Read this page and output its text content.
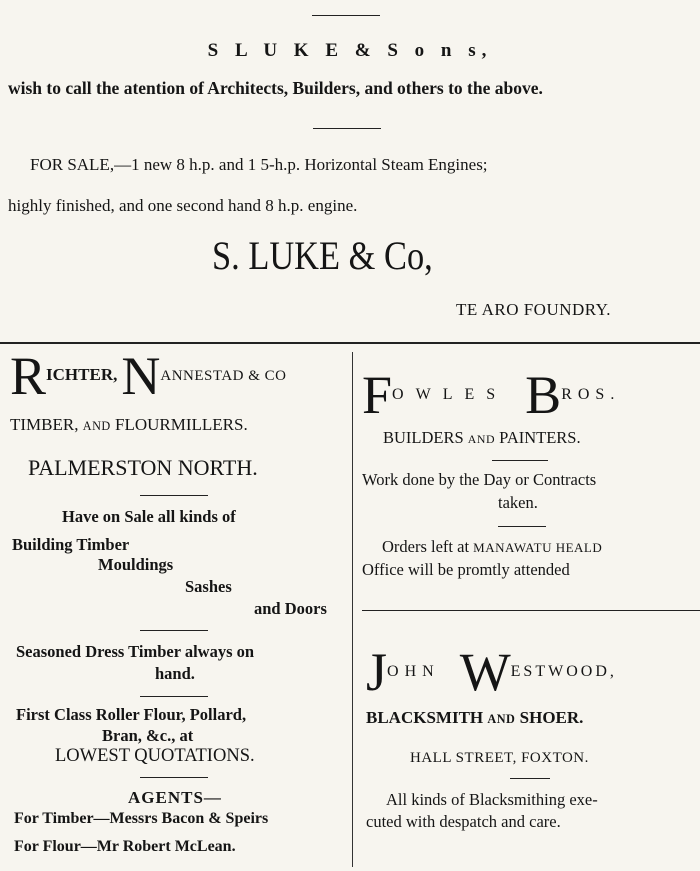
S L U K E & S o n s,
wish to call the atention of Architects, Builders, and others to the above.
FOR SALE,—1 new 8 h.p. and 1 5-h.p. Horizontal Steam Engines;
highly finished, and one second hand 8 h.p. engine.
S. LUKE & Co,
TE ARO FOUNDRY.
RICHTER, NANNESTAD & CO
TIMBER, AND FLOURMILLERS.
PALMERSTON NORTH.
Have on Sale all kinds of
Building Timber
Mouldings
Sashes
and Doors
Seasoned Dress Timber always on
hand.
First Class Roller Flour, Pollard,
Bran, &c., at
LOWEST QUOTATIONS.
AGENTS—
For Timber—Messrs Bacon & Speirs
For Flour—Mr Robert McLean.
FOWLES BROS.
BUILDERS AND PAINTERS.
Work done by the Day or Contracts
taken.
Orders left at MANAWATU HEALD
Office will be promtly attended
JOHN WESTWOOD,
BLACKSMITH AND SHOER.
HALL STREET, FOXTON.
All kinds of Blacksmithing exe-
cuted with despatch and care.
